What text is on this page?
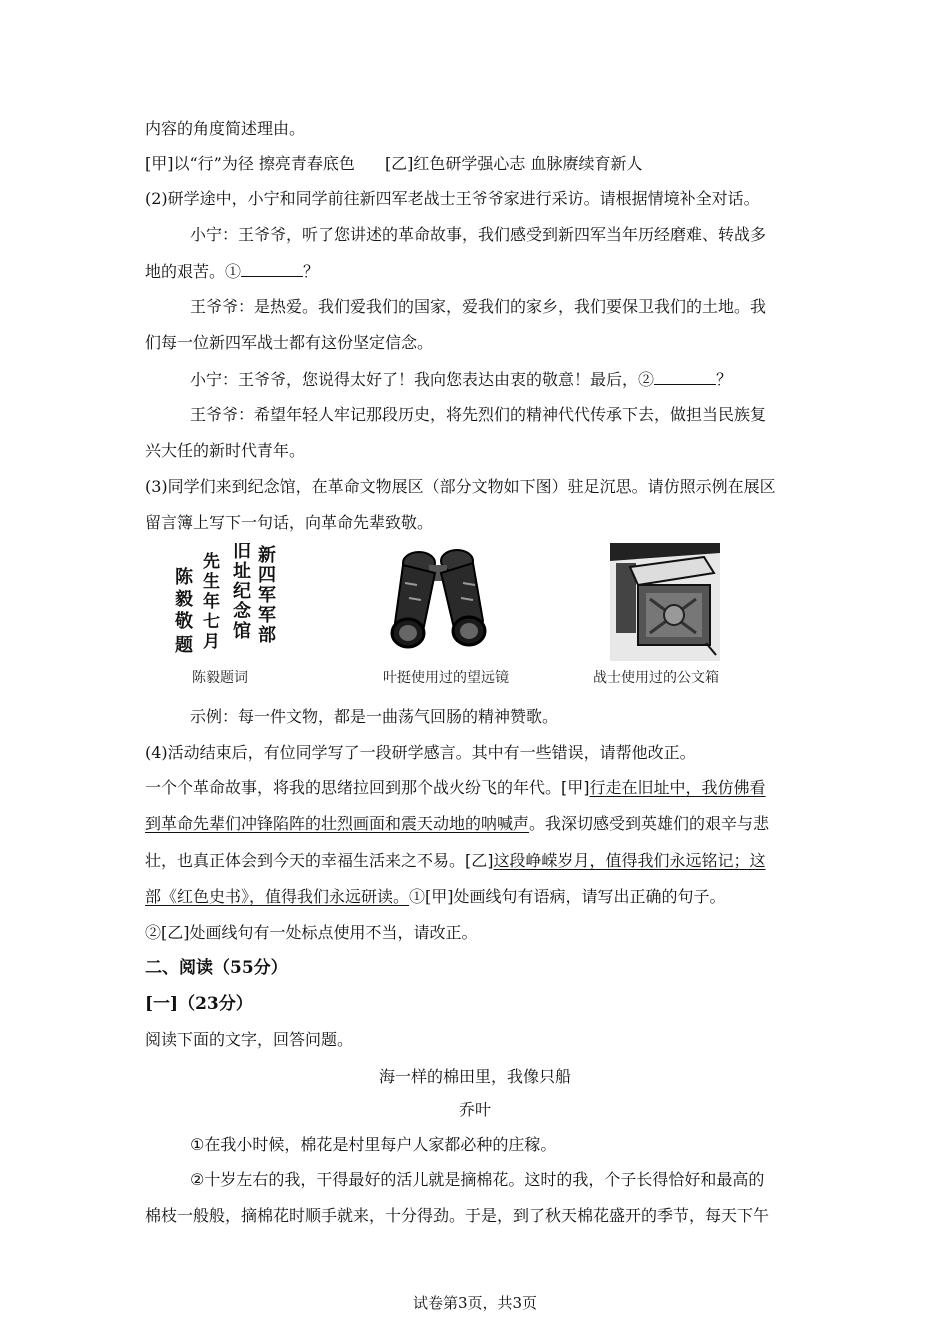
内容的角度简述理由。
[甲]以“行”为径 擦亮青春底色 [乙]红色研学强心志 血脉赓续育新人
(2)研学途中，小宁和同学前往新四军老战士王爷爷家进行采访。请根据情境补全对话。
小宁：王爷爷，听了您讲述的革命故事，我们感受到新四军当年历经磨难、转战多
地的艰苦。①	？
王爷爷：是热爱。我们爱我们的国家，爱我们的家乡，我们要保卫我们的土地。我
们每一位新四军战士都有这份坚定信念。
小宁：王爷爷，您说得太好了！我向您表达由衷的敬意！最后，②	？
王爷爷：希望年轻人牢记那段历史，将先烈们的精神代代传承下去，做担当民族复
兴大任的新时代青年。
(3)同学们来到纪念馆，在革命文物展区（部分文物如下图）驻足沉思。请仿照示例在展区
留言簿上写下一句话，向革命先辈致敬。
新
四
军
军
部
旧
址
纪
念
馆
先
生
年
七
月
陈
毅
敬
题
陈毅题词	叶挺使用过的望远镜	战士使用过的公文箱
示例：每一件文物，都是一曲荡气回肠的精神赞歌。
(4)活动结束后，有位同学写了一段研学感言。其中有一些错误，请帮他改正。
一个个革命故事，将我的思绪拉回到那个战火纷飞的年代。[甲]行走在旧址中，我仿佛看
到革命先辈们冲锋陷阵的壮烈画面和震天动地的呐喊声。我深切感受到英雄们的艰辛与悲
壮，也真正体会到今天的幸福生活来之不易。[乙]这段峥嵘岁月，值得我们永远铭记；这
部《红色史书》，值得我们永远研读。①[甲]处画线句有语病，请写出正确的句子。
②[乙]处画线句有一处标点使用不当，请改正。
二、阅读（55分）
[一]（23分）
阅读下面的文字，回答问题。
海一样的棉田里，我像只船
乔叶
①在我小时候，棉花是村里每户人家都必种的庄稼。
②十岁左右的我，干得最好的活儿就是摘棉花。这时的我，个子长得恰好和最高的
棉枝一般般，摘棉花时顺手就来，十分得劲。于是，到了秋天棉花盛开的季节，每天下午
试卷第3页，共3页
